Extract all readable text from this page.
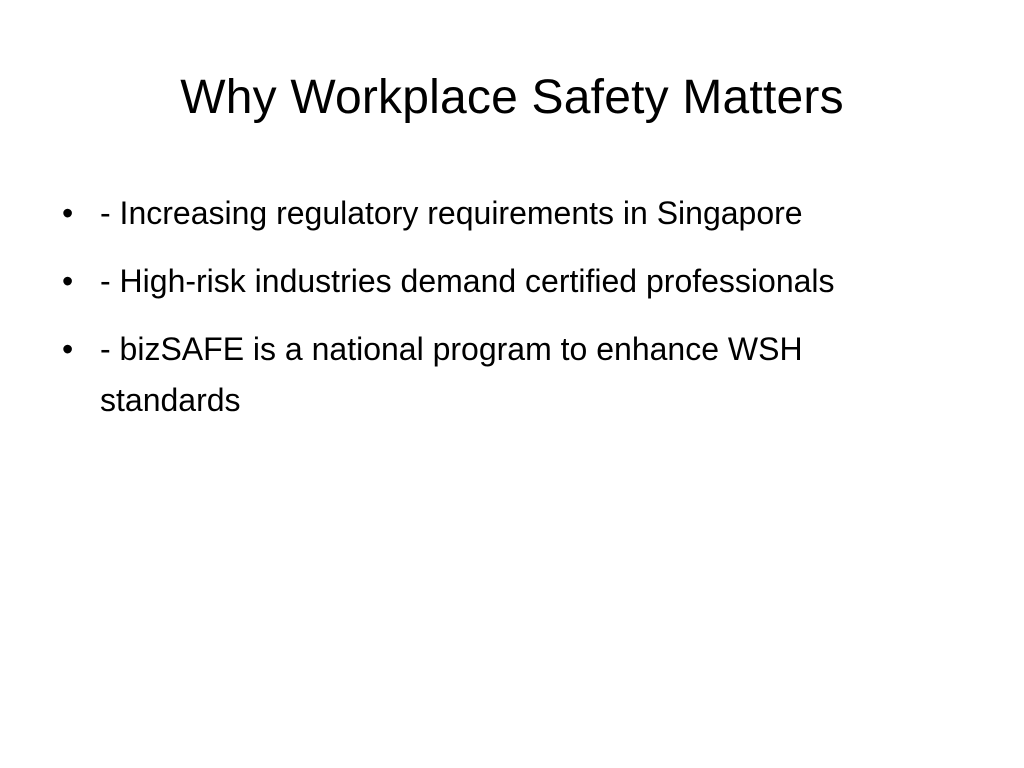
Why Workplace Safety Matters
• - Increasing regulatory requirements in Singapore
• - High-risk industries demand certified professionals
• - bizSAFE is a national program to enhance WSH standards
